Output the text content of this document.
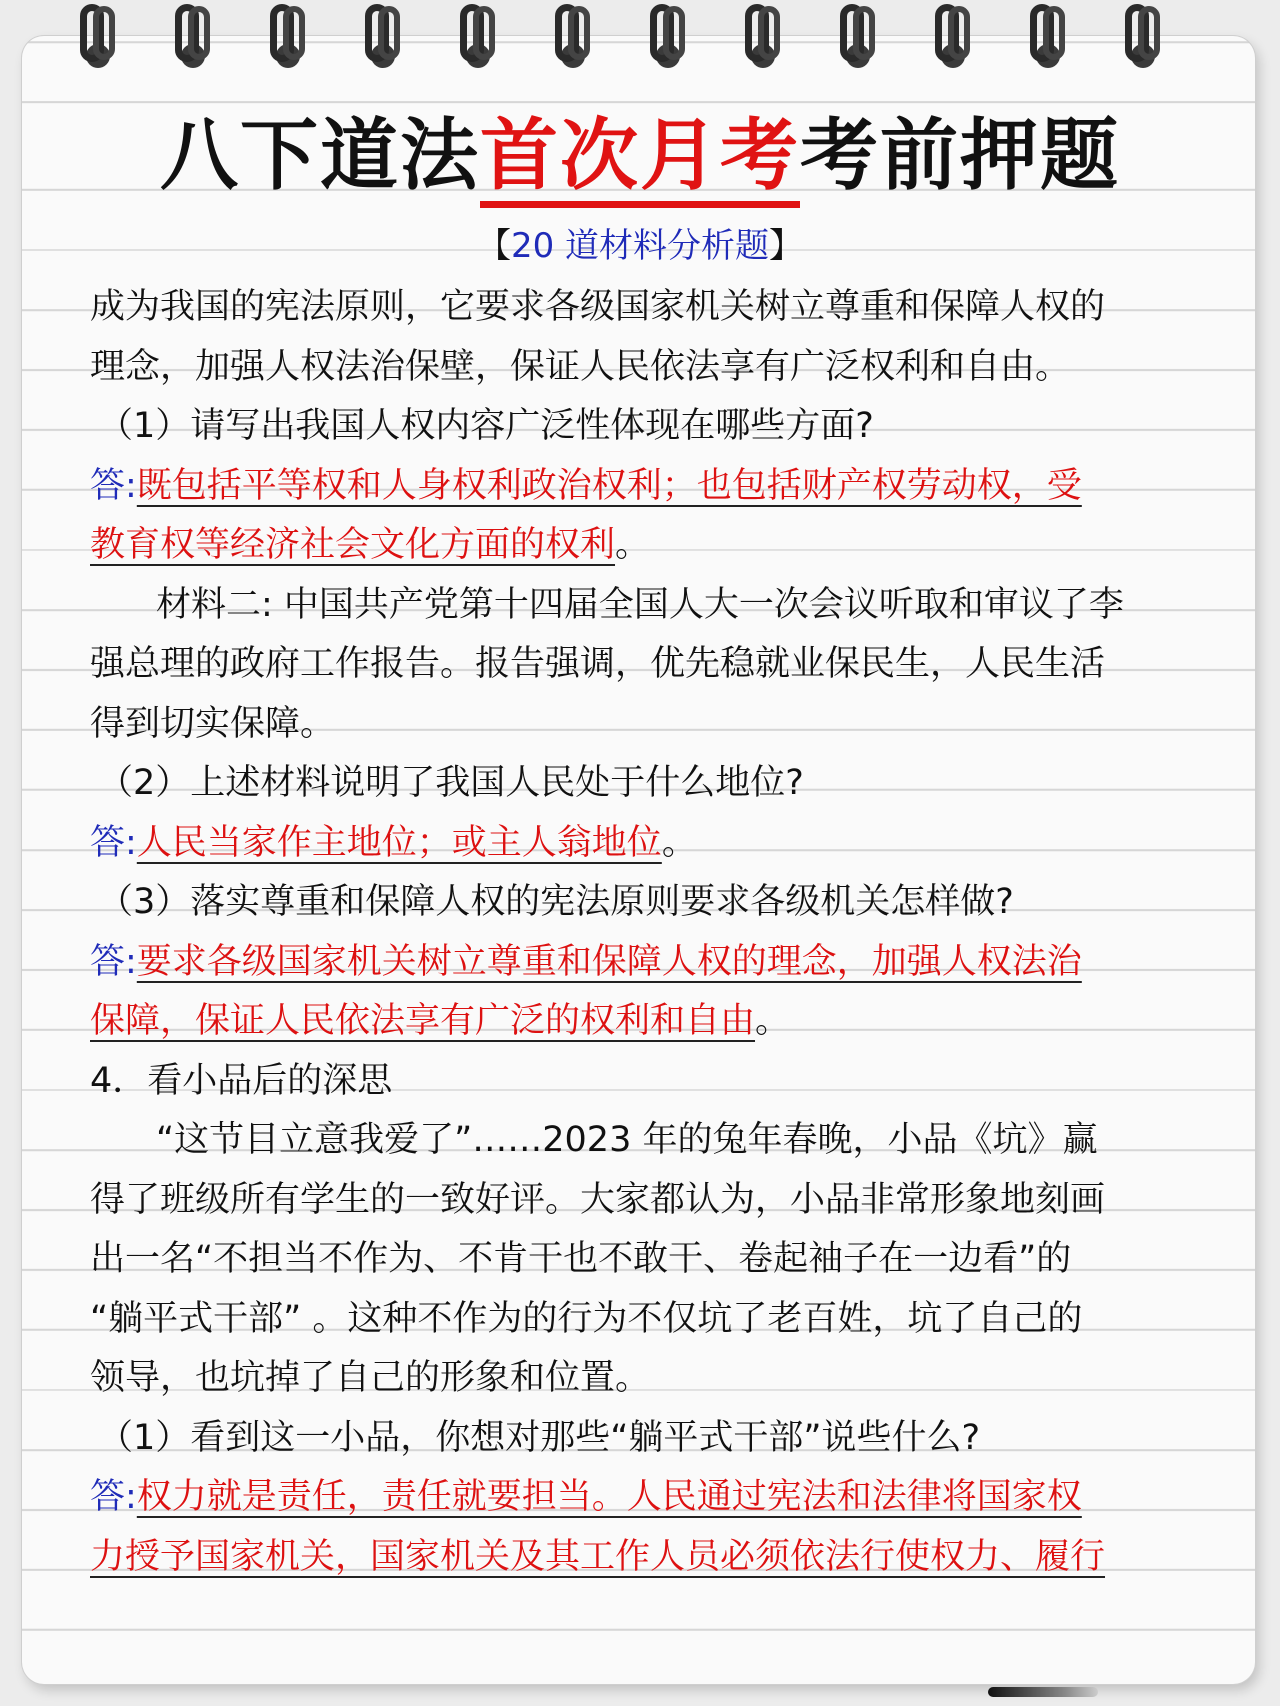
八下道法首次月考考前押题
【20 道材料分析题】
成为我国的宪法原则，它要求各级国家机关树立尊重和保障人权的
理念，加强人权法治保壁，保证人民依法享有广泛权利和自由。
（1）请写出我国人权内容广泛性体现在哪些方面?
答:既包括平等权和人身权利政治权利；也包括财产权劳动权，受
教育权等经济社会文化方面的权利。
材料二: 中国共产党第十四届全国人大一次会议听取和审议了李
强总理的政府工作报告。报告强调，优先稳就业保民生，人民生活
得到切实保障。
（2）上述材料说明了我国人民处于什么地位?
答:人民当家作主地位；或主人翁地位。
（3）落实尊重和保障人权的宪法原则要求各级机关怎样做?
答:要求各级国家机关树立尊重和保障人权的理念，加强人权法治
保障，保证人民依法享有广泛的权利和自由。
4．看小品后的深思
“这节目立意我爱了”……2023 年的兔年春晚，小品《坑》赢
得了班级所有学生的一致好评。大家都认为，小品非常形象地刻画
出一名“不担当不作为、不肯干也不敢干、卷起袖子在一边看”的
“躺平式干部” 。这种不作为的行为不仅坑了老百姓，坑了自己的
领导，也坑掉了自己的形象和位置。
（1）看到这一小品，你想对那些“躺平式干部”说些什么?
答:权力就是责任，责任就要担当。人民通过宪法和法律将国家权
力授予国家机关，国家机关及其工作人员必须依法行使权力、履行
